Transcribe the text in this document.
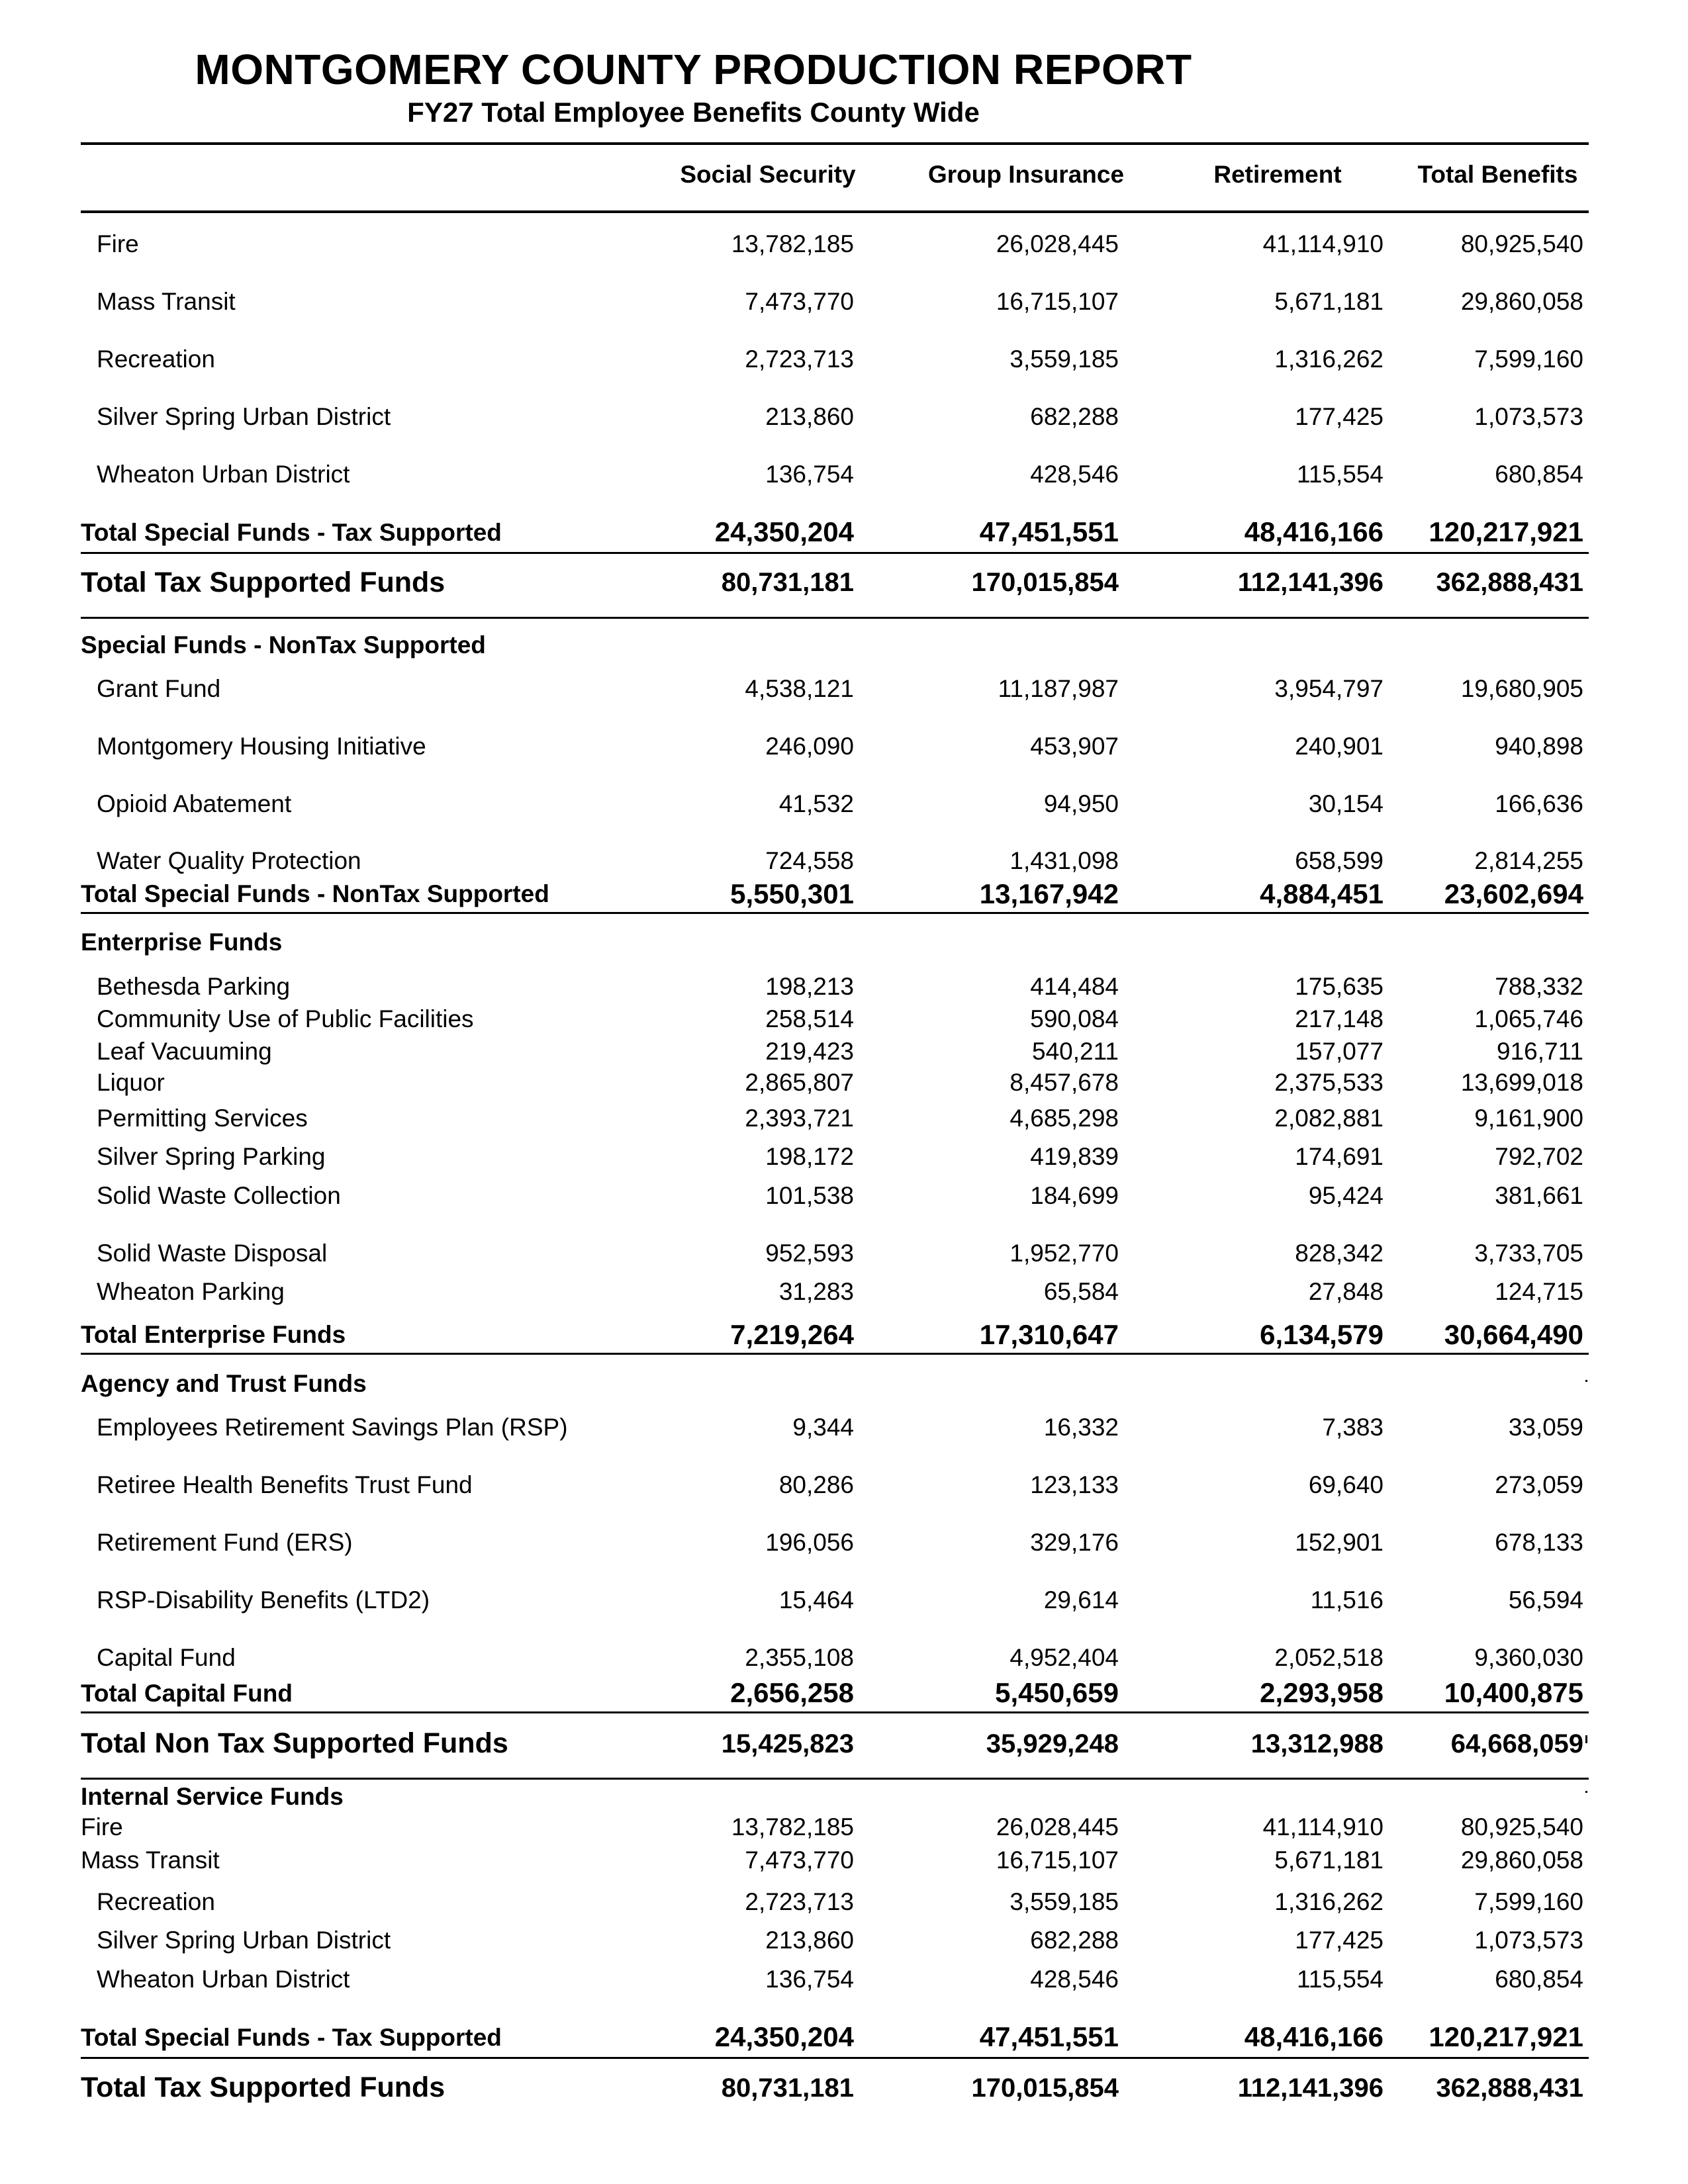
MONTGOMERY COUNTY PRODUCTION REPORT
FY27 Total Employee Benefits County Wide
Social Security	Group Insurance	Retirement	Total Benefits
Fire	13,782,185	26,028,445	41,114,910	80,925,540
Mass Transit	7,473,770	16,715,107	5,671,181	29,860,058
Recreation	2,723,713	3,559,185	1,316,262	7,599,160
Silver Spring Urban District	213,860	682,288	177,425	1,073,573
Wheaton Urban District	136,754	428,546	115,554	680,854
Total Special Funds - Tax Supported	24,350,204	47,451,551	48,416,166	120,217,921
Total Tax Supported Funds	80,731,181	170,015,854	112,141,396	362,888,431
Special Funds - NonTax Supported
Grant Fund	4,538,121	11,187,987	3,954,797	19,680,905
Montgomery Housing Initiative	246,090	453,907	240,901	940,898
Opioid Abatement	41,532	94,950	30,154	166,636
Water Quality Protection	724,558	1,431,098	658,599	2,814,255
Total Special Funds - NonTax Supported	5,550,301	13,167,942	4,884,451	23,602,694
Enterprise Funds
Bethesda Parking	198,213	414,484	175,635	788,332
Community Use of Public Facilities	258,514	590,084	217,148	1,065,746
Leaf Vacuuming	219,423	540,211	157,077	916,711
Liquor	2,865,807	8,457,678	2,375,533	13,699,018
Permitting Services	2,393,721	4,685,298	2,082,881	9,161,900
Silver Spring Parking	198,172	419,839	174,691	792,702
Solid Waste Collection	101,538	184,699	95,424	381,661
Solid Waste Disposal	952,593	1,952,770	828,342	3,733,705
Wheaton Parking	31,283	65,584	27,848	124,715
Total Enterprise Funds	7,219,264	17,310,647	6,134,579	30,664,490
Agency and Trust Funds
Employees Retirement Savings Plan (RSP)	9,344	16,332	7,383	33,059
Retiree Health Benefits Trust Fund	80,286	123,133	69,640	273,059
Retirement Fund (ERS)	196,056	329,176	152,901	678,133
RSP-Disability Benefits (LTD2)	15,464	29,614	11,516	56,594
Capital Fund	2,355,108	4,952,404	2,052,518	9,360,030
Total Capital Fund	2,656,258	5,450,659	2,293,958	10,400,875
Total Non Tax Supported Funds	15,425,823	35,929,248	13,312,988	64,668,059
Internal Service Funds
Fire	13,782,185	26,028,445	41,114,910	80,925,540
Mass Transit	7,473,770	16,715,107	5,671,181	29,860,058
Recreation	2,723,713	3,559,185	1,316,262	7,599,160
Silver Spring Urban District	213,860	682,288	177,425	1,073,573
Wheaton Urban District	136,754	428,546	115,554	680,854
Total Special Funds - Tax Supported	24,350,204	47,451,551	48,416,166	120,217,921
Total Tax Supported Funds	80,731,181	170,015,854	112,141,396	362,888,431
